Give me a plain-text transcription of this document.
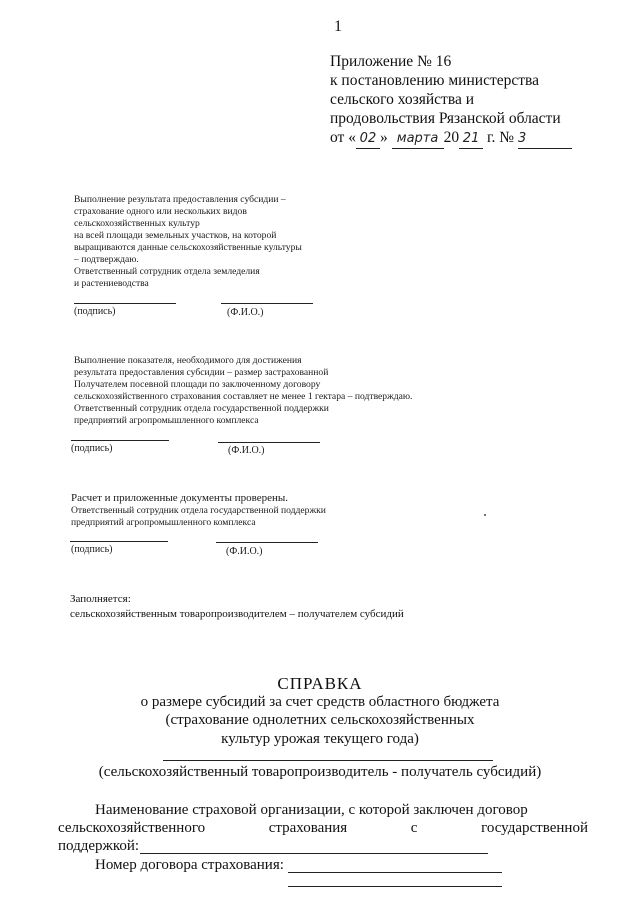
1
Приложение № 16
к постановлению министерства
сельского хозяйства и
продовольствия Рязанской области
от « 02 » марта 20 21 г. № 3
Выполнение результата предоставления субсидии –
страхование одного или нескольких видов
сельскохозяйственных культур
на всей площади земельных участков, на которой
выращиваются данные сельскохозяйственные культуры
– подтверждаю.
Ответственный сотрудник отдела земледелия
и растениеводства
(подпись)	(Ф.И.О.)
Выполнение показателя, необходимого для достижения
результата предоставления субсидии – размер застрахованной
Получателем посевной площади по заключенному договору
сельскохозяйственного страхования составляет не менее 1 гектара – подтверждаю.
Ответственный сотрудник отдела государственной поддержки
предприятий агропромышленного комплекса
(подпись)	(Ф.И.О.)
Расчет и приложенные документы проверены.
Ответственный сотрудник отдела государственной поддержки
предприятий агропромышленного комплекса
(подпись)	(Ф.И.О.)
Заполняется:
сельскохозяйственным товаропроизводителем – получателем субсидий
СПРАВКА
о размере субсидий за счет средств областного бюджета
(страхование однолетних сельскохозяйственных
культур урожая текущего года)
(сельскохозяйственный товаропроизводитель - получатель субсидий)
Наименование страховой организации, с которой заключен договор
сельскохозяйственного	страхования	с	государственной
поддержкой:
Номер договора страхования:
